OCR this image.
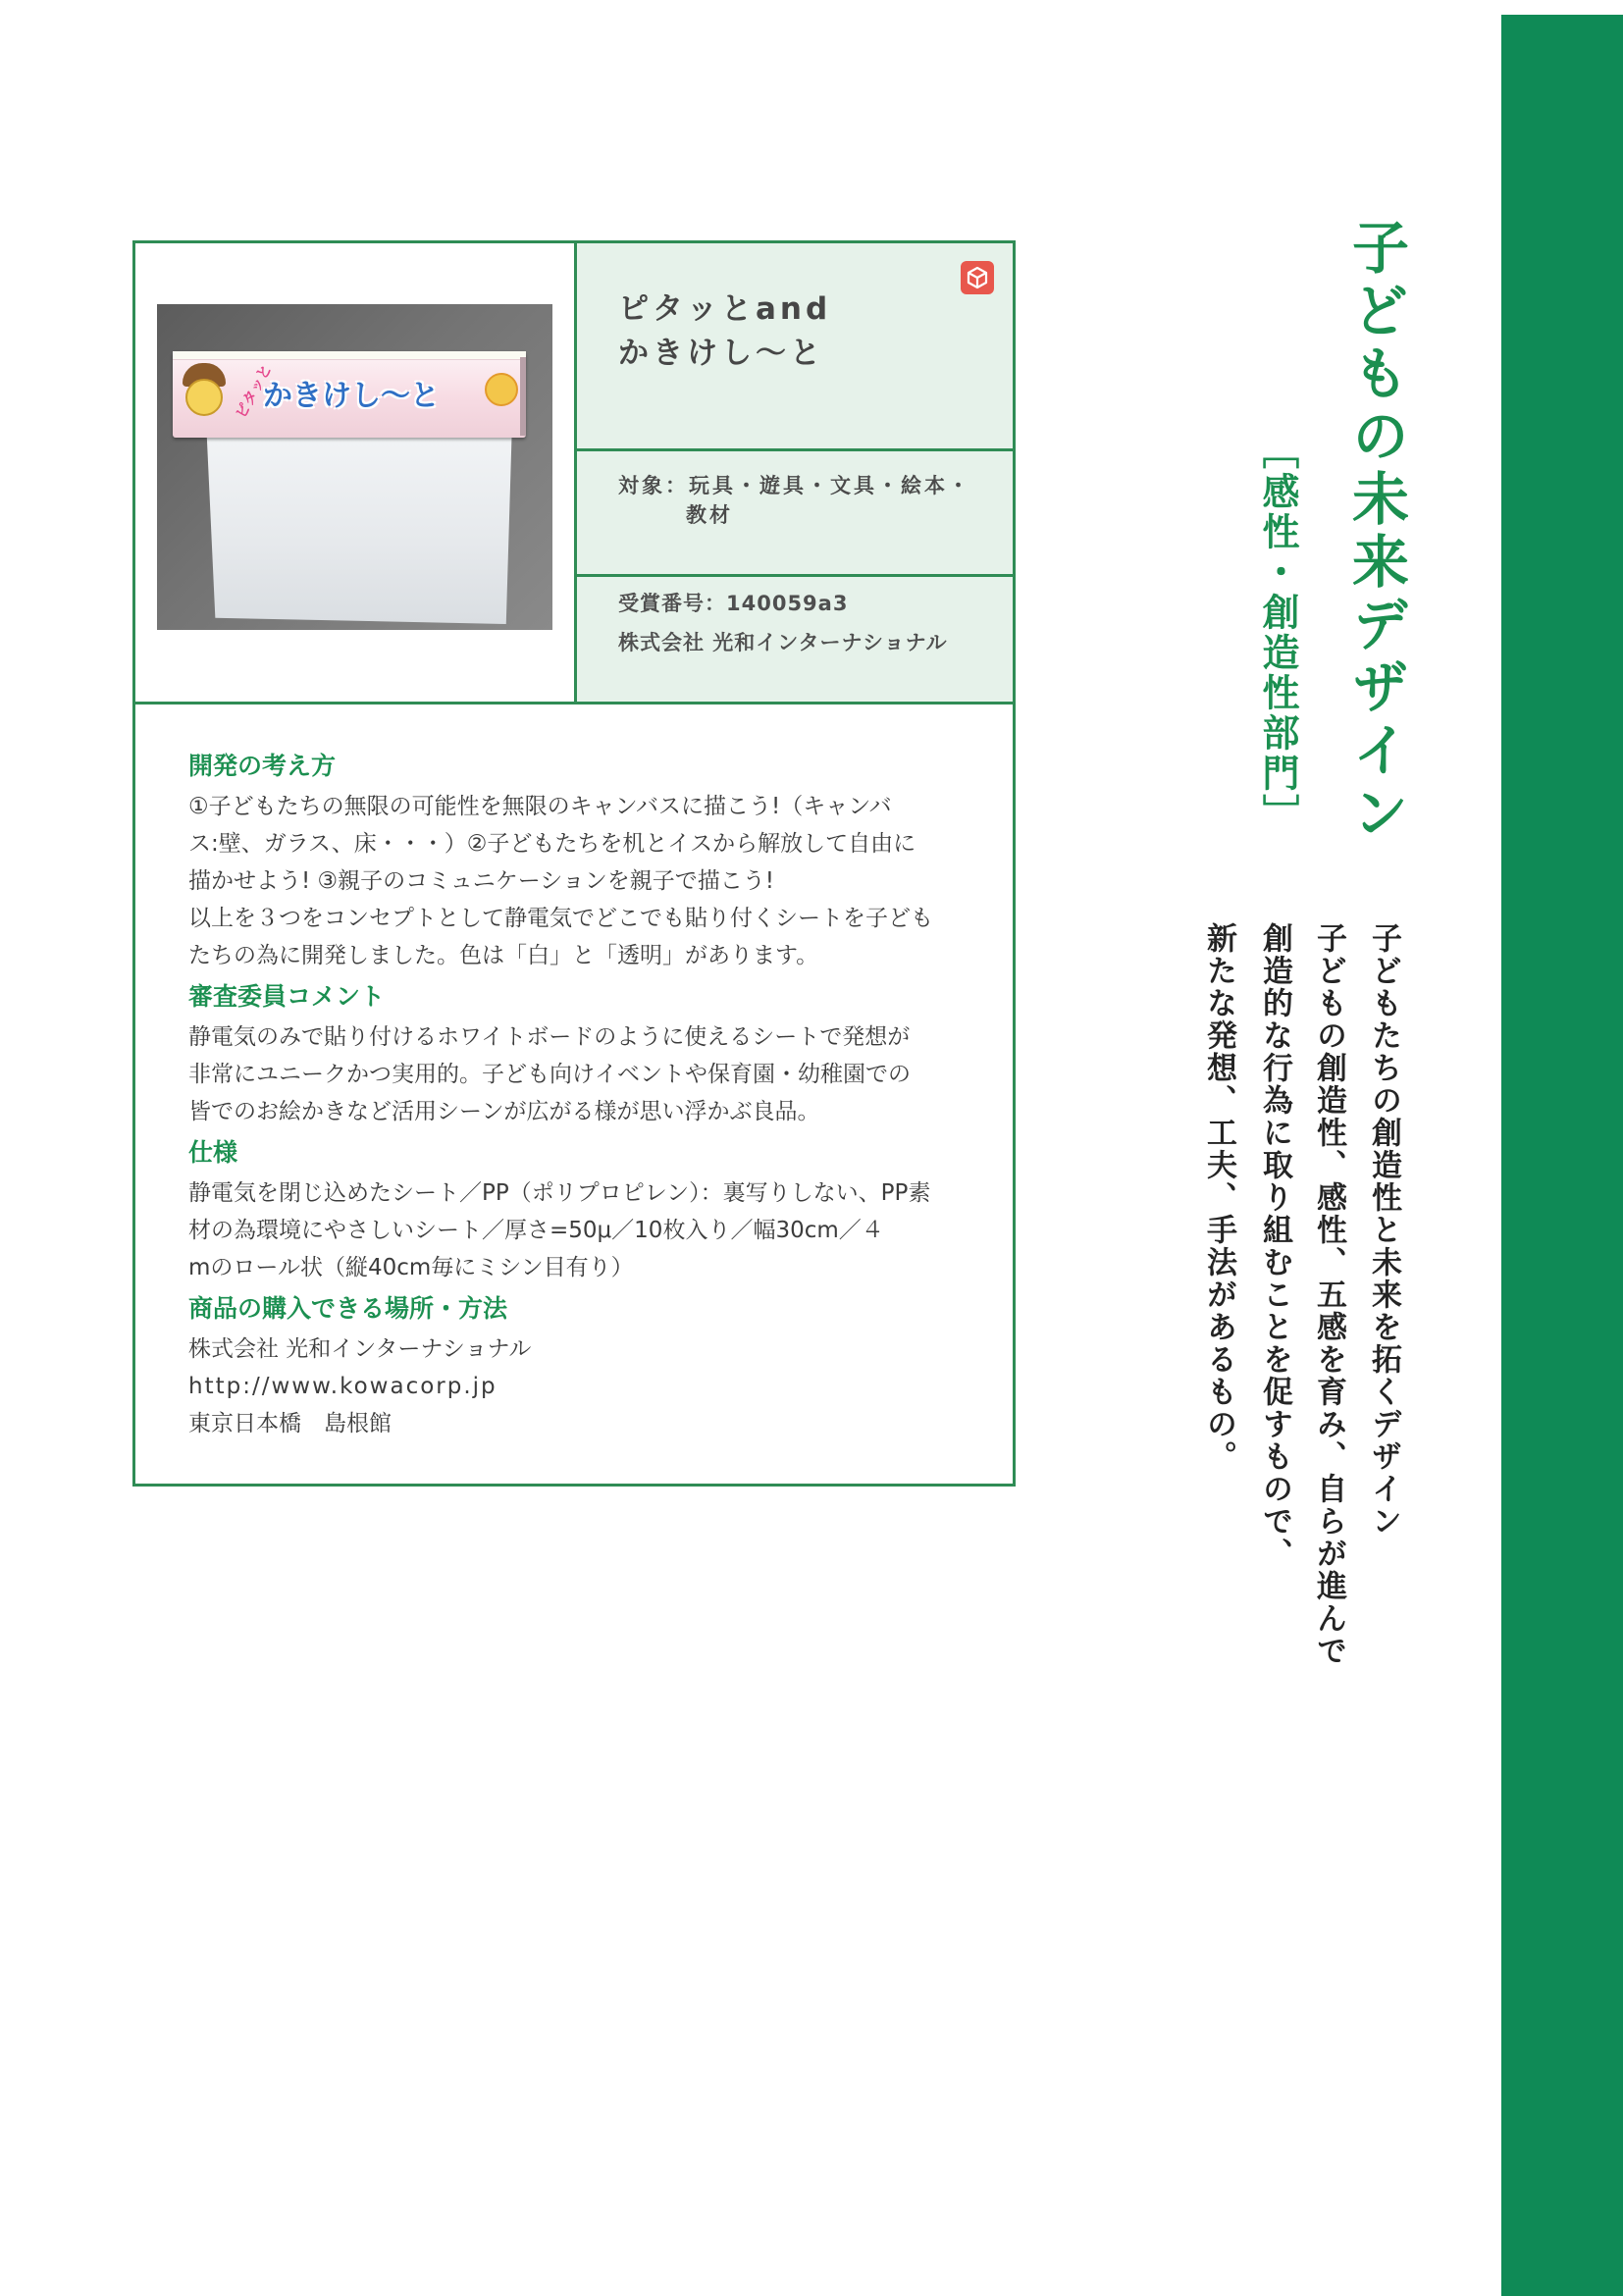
ピタッと
かきけし～と
ピタッとand
かきけし～と
対象：玩具・遊具・文具・絵本・
教材
受賞番号：140059a3
株式会社 光和インターナショナル
開発の考え方

①子どもたちの無限の可能性を無限のキャンバスに描こう!（キャンバ

ス:壁、ガラス、床・・・）②子どもたちを机とイスから解放して自由に

描かせよう! ③親子のコミュニケーションを親子で描こう!

以上を３つをコンセプトとして静電気でどこでも貼り付くシートを子ども

たちの為に開発しました。色は「白」と「透明」があります。

審査委員コメント

静電気のみで貼り付けるホワイトボードのように使えるシートで発想が

非常にユニークかつ実用的。子ども向けイベントや保育園・幼稚園での

皆でのお絵かきなど活用シーンが広がる様が思い浮かぶ良品。

仕様

静電気を閉じ込めたシート／PP（ポリプロピレン）：裏写りしない、PP素

材の為環境にやさしいシート／厚さ=50μ／10枚入り／幅30cm／４

mのロール状（縦40cm毎にミシン目有り）

商品の購入できる場所・方法

株式会社 光和インターナショナル

http://www.kowacorp.jp

東京日本橋　島根館

子どもの未来デザイン
［感性・創造性部門］
子どもたちの創造性と未来を拓くデザイン
子どもの創造性、感性、五感を育み、自らが進んで
創造的な行為に取り組むことを促すもので、
新たな発想、工夫、手法があるもの。
